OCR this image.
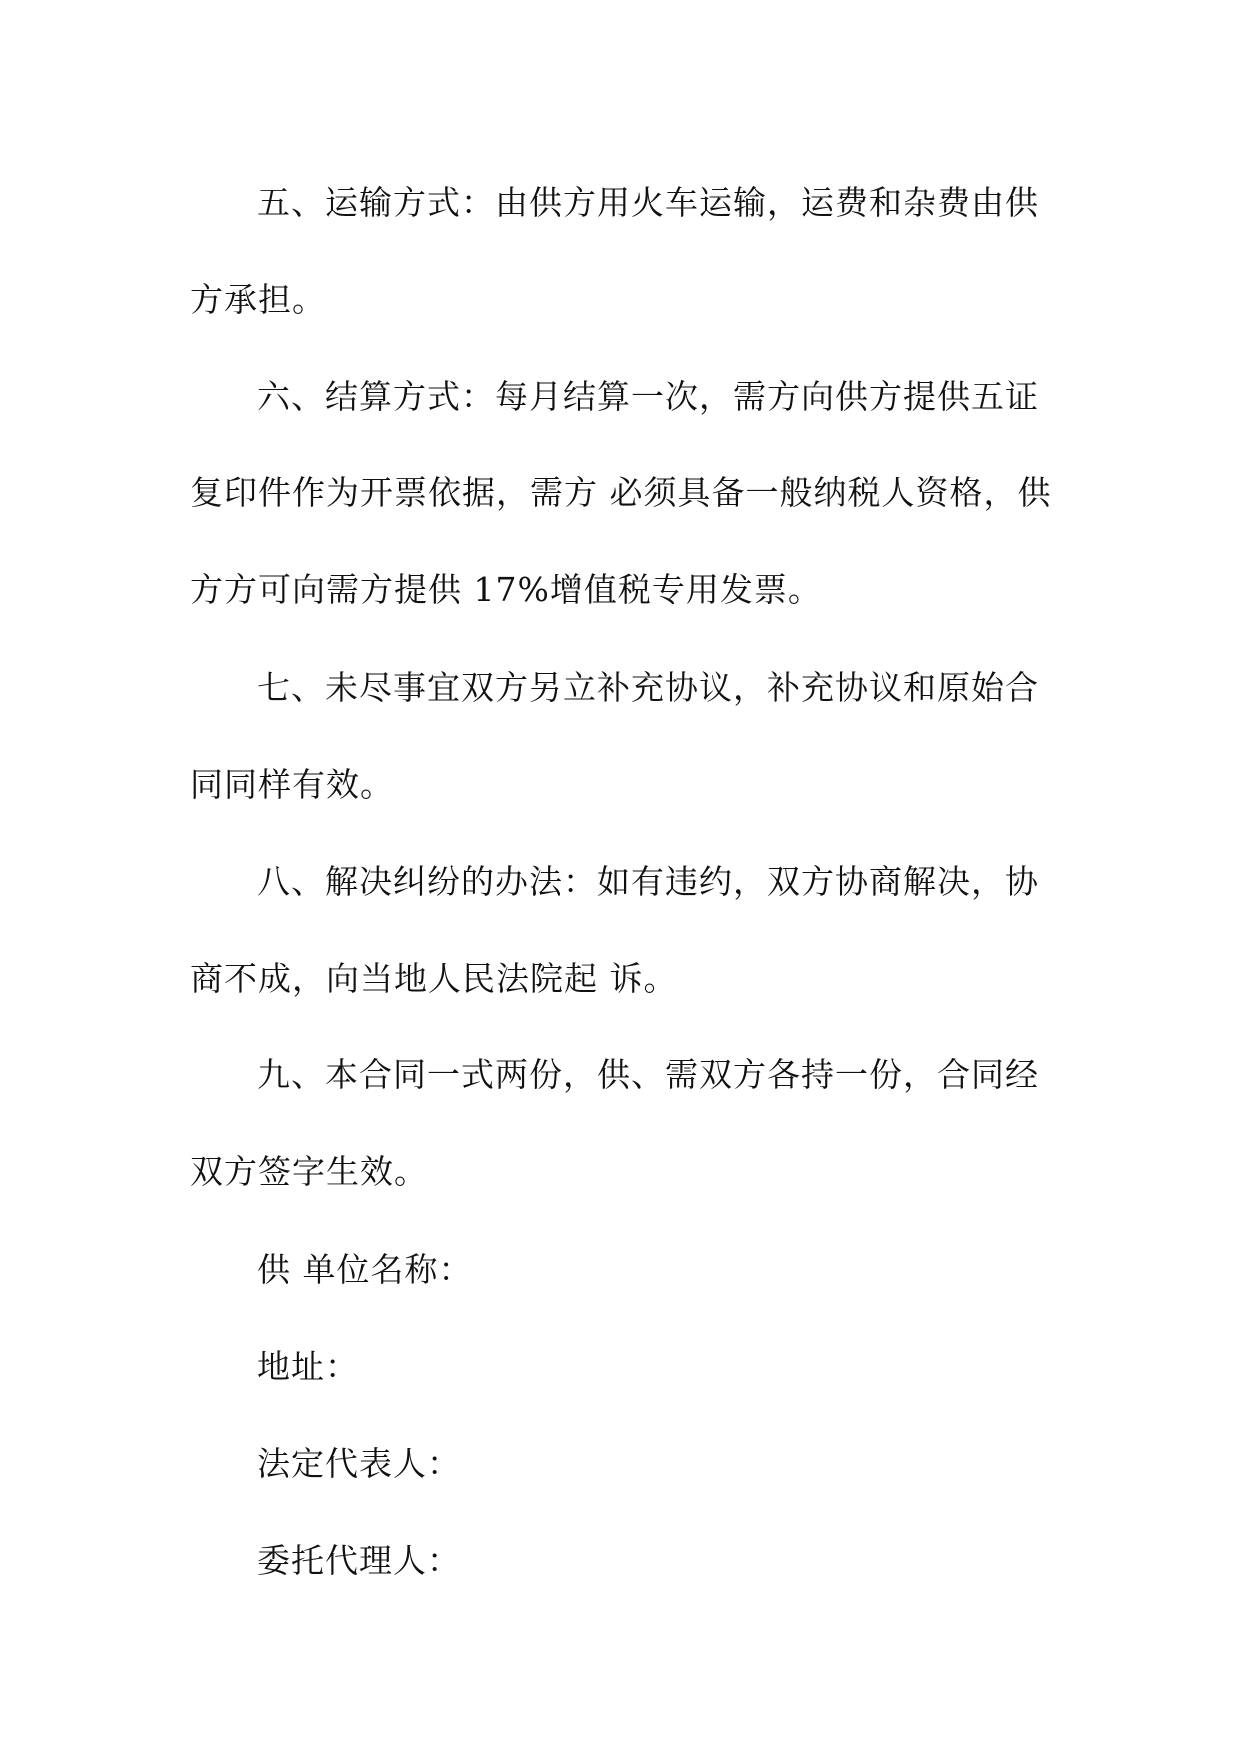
五、运输方式：由供方用火车运输，运费和杂费由供
方承担。
六、结算方式：每月结算一次，需方向供方提供五证
复印件作为开票依据，需方 必须具备一般纳税人资格，供
方方可向需方提供 17%增值税专用发票。
七、未尽事宜双方另立补充协议，补充协议和原始合
同同样有效。
八、解决纠纷的办法：如有违约，双方协商解决，协
商不成，向当地人民法院起 诉。
九、本合同一式两份，供、需双方各持一份，合同经
双方签字生效。
供 单位名称：
地址：
法定代表人：
委托代理人：
